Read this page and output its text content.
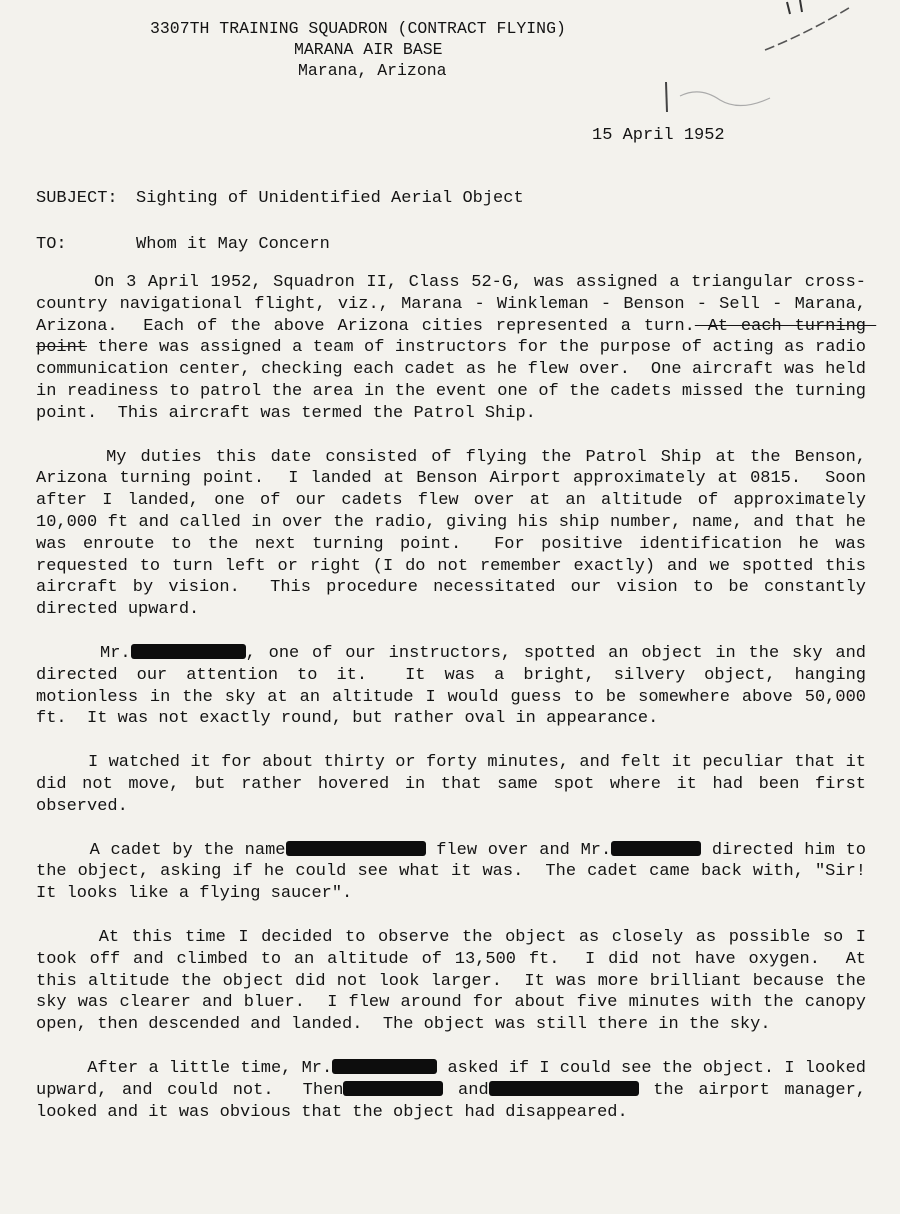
3307TH TRAINING SQUADRON (CONTRACT FLYING)
MARANA AIR BASE
Marana, Arizona
15 April 1952
SUBJECT:	Sighting of Unidentified Aerial Object
TO:	Whom it May Concern

On 3 April 1952, Squadron II, Class 52-G, was assigned a triangular cross-country navigational flight, viz., Marana - Winkleman - Benson - Sell - Marana, Arizona.  Each of the above Arizona cities represented a turn. At each turning point there was assigned a team of instructors for the purpose of acting as radio communication center, checking each cadet as he flew over.  One aircraft was held in readiness to patrol the area in the event one of the cadets missed the turning point.  This aircraft was termed the Patrol Ship.

My duties this date consisted of flying the Patrol Ship at the Benson, Arizona turning point.  I landed at Benson Airport approximately at 0815.  Soon after I landed, one of our cadets flew over at an altitude of approximately 10,000 ft and called in over the radio, giving his ship number, name, and that he was enroute to the next turning point.  For positive identification he was requested to turn left or right (I do not remember exactly) and we spotted this aircraft by vision.  This procedure necessitated our vision to be constantly directed upward.

Mr.	, one of our instructors, spotted an object in the sky and directed our attention to it.  It was a bright, silvery object, hanging motionless in the sky at an altitude I would guess to be somewhere above 50,000 ft.  It was not exactly round, but rather oval in appearance.

I watched it for about thirty or forty minutes, and felt it peculiar that it did not move, but rather hovered in that same spot where it had been first observed.

A cadet by the name	flew over and Mr.	directed him to the object, asking if he could see what it was.  The cadet came back with, "Sir!  It looks like a flying saucer".

At this time I decided to observe the object as closely as possible so I took off and climbed to an altitude of 13,500 ft.  I did not have oxygen.  At this altitude the object did not look larger.  It was more brilliant because the sky was clearer and bluer.  I flew around for about five minutes with the canopy open, then descended and landed.  The object was still there in the sky.

After a little time, Mr.	asked if I could see the object. I looked upward, and could not.  Then	and	the airport manager, looked and it was obvious that the object had disappeared.
